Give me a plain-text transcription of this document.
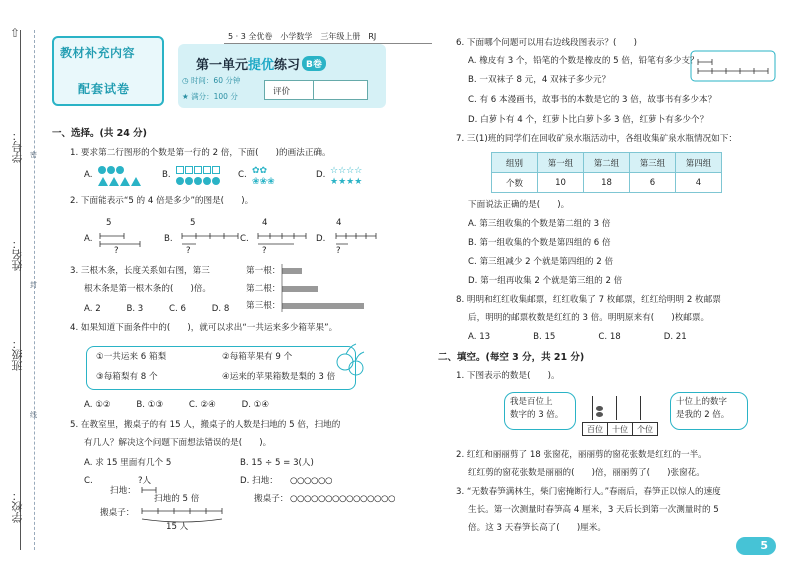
⇧
学号：
姓名：
班级：
学校：
密
封
线
教材补充内容
配套试卷
5 · 3 全优卷　小学数学　三年级上册　RJ
第一单元提优练习 B卷
◷ 时间：60 分钟
★ 满分：100 分	评价
一、选择。(共 24 分)
1. 要求第二行图形的个数是第一行的 2 倍，下面(　　)的画法正确。
A.	B.	C. ✿✿
❀❀❀
D. ☆☆☆☆
★★★★
2. 下面能表示“5 的 4 倍是多少”的图是(　　)。
A.	B.	C.	D.
5	5	4	4
?	?	?	?
3. 三根木条，长度关系如右图，第三
根木条是第一根木条的(　　)倍。
A. 2　　　B. 3　　　C. 6　　　D. 8
第一根：
第二根：
第三根：
4. 如果知道下面条件中的(　　)，就可以求出“一共运来多少箱苹果”。
①一共运来 6 箱梨	②每箱苹果有 9 个
③每箱梨有 8 个	④运来的苹果箱数是梨的 3 倍
A. ①②　　　B. ①③　　　C. ②④　　　D. ①④
5. 在教室里，搬桌子的有 15 人，搬桌子的人数是扫地的 5 倍，扫地的
有几人？解决这个问题下面想法错误的是(　　)。
A. 求 15 里面有几个 5	B. 15 ÷ 5 = 3(人)
C.
扫地：
?人
扫地的 5 倍
搬桌子：
15 人
D. 扫地：
搬桌子：
○○○○○○
○○○○○○○○○○○○○○○
6. 下面哪个问题可以用右边线段图表示？(　　)
A. 橡皮有 3 个，铅笔的个数是橡皮的 5 倍，铅笔有多少支？
B. 一双袜子 8 元，4 双袜子多少元？
C. 有 6 本漫画书，故事书的本数是它的 3 倍，故事书有多少本？
D. 白萝卜有 4 个，红萝卜比白萝卜多 3 倍，红萝卜有多少个？
7. 三(1)班的同学们在回收矿泉水瓶活动中，各组收集矿泉水瓶情况如下：
组别	第一组	第二组	第三组	第四组
个数	10	18	6	4
下面说法正确的是(　　)。
A. 第三组收集的个数是第二组的 3 倍
B. 第一组收集的个数是第四组的 6 倍
C. 第三组减少 2 个就是第四组的 2 倍
D. 第一组再收集 2 个就是第三组的 2 倍
8. 明明和红红收集邮票，红红收集了 7 枚邮票，红红给明明 2 枚邮票
后，明明的邮票枚数是红红的 3 倍。明明原来有(　　)枚邮票。
A. 13　　　　　B. 15　　　　　C. 18　　　　　D. 21
二、填空。(每空 3 分，共 21 分)
1. 下图表示的数是(　　)。
我是百位上
数字的 3 倍。
十位上的数字
是我的 2 倍。
百位	十位	个位
2. 红红和丽丽剪了 18 张窗花，丽丽剪的窗花张数是红红的一半。
红红剪的窗花张数是丽丽的(　　)倍，丽丽剪了(　　)张窗花。
3. “无数春笋满林生，柴门密掩断行人。”春雨后，春笋正以惊人的速度
生长。第一次测量时春笋高 4 厘米，3 天后长到第一次测量时的 5
倍。这 3 天春笋长高了(　　)厘米。
5
